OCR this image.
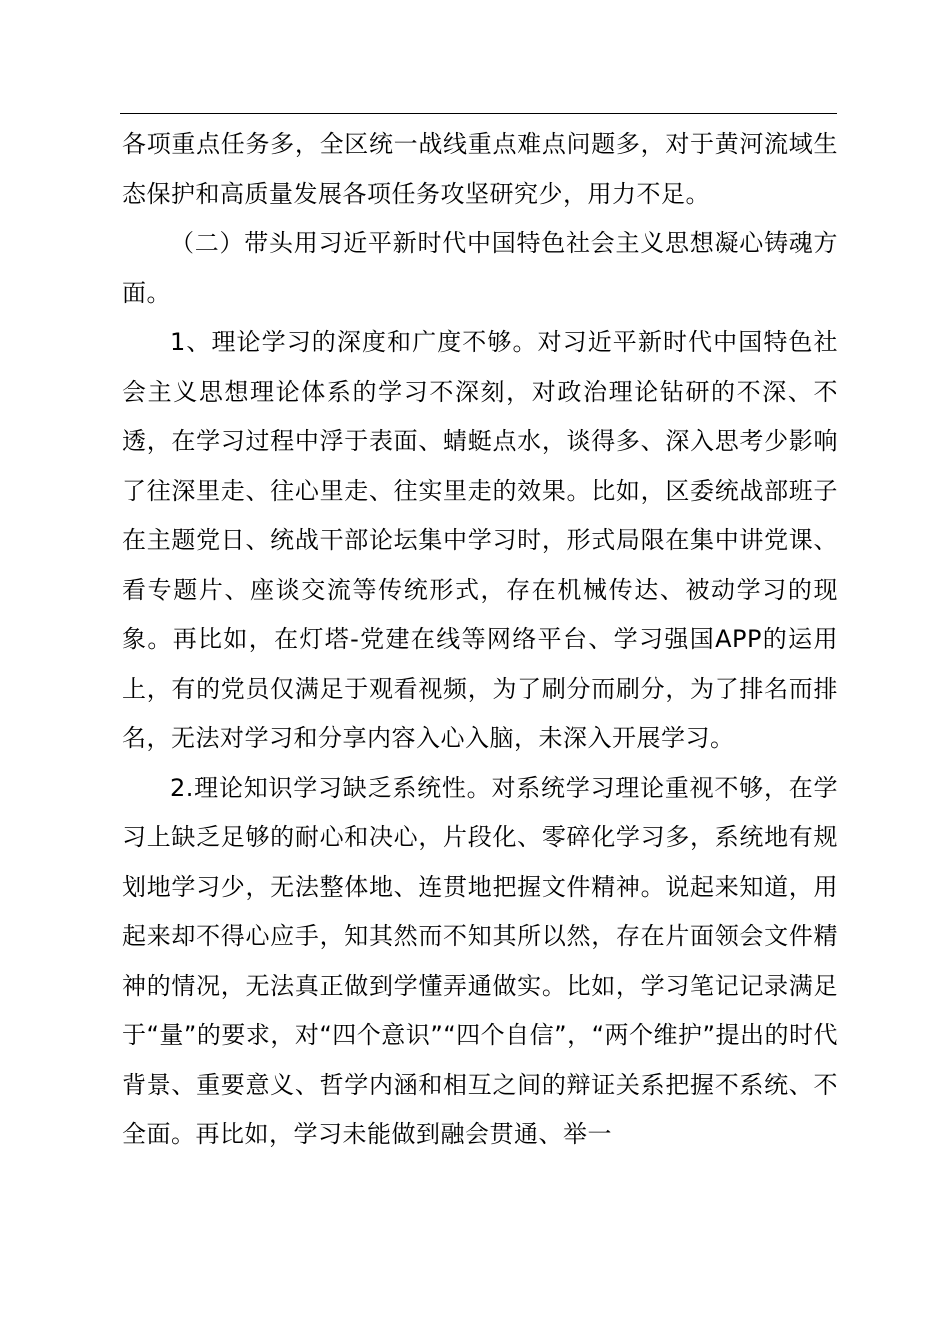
各项重点任务多，全区统一战线重点难点问题多，对于黄河流域生态保护和高质量发展各项任务攻坚研究少，用力不足。

（二）带头用习近平新时代中国特色社会主义思想凝心铸魂方面。

1、理论学习的深度和广度不够。对习近平新时代中国特色社会主义思想理论体系的学习不深刻，对政治理论钻研的不深、不透，在学习过程中浮于表面、蜻蜓点水，谈得多、深入思考少影响了往深里走、往心里走、往实里走的效果。比如，区委统战部班子在主题党日、统战干部论坛集中学习时，形式局限在集中讲党课、看专题片、座谈交流等传统形式，存在机械传达、被动学习的现象。再比如，在灯塔-党建在线等网络平台、学习强国APP的运用上，有的党员仅满足于观看视频，为了刷分而刷分，为了排名而排名，无法对学习和分享内容入心入脑，未深入开展学习。

2.理论知识学习缺乏系统性。对系统学习理论重视不够，在学习上缺乏足够的耐心和决心，片段化、零碎化学习多，系统地有规划地学习少，无法整体地、连贯地把握文件精神。说起来知道，用起来却不得心应手，知其然而不知其所以然，存在片面领会文件精神的情况，无法真正做到学懂弄通做实。比如，学习笔记记录满足于“量”的要求，对“四个意识”“四个自信”，“两个维护”提出的时代背景、重要意义、哲学内涵和相互之间的辩证关系把握不系统、不全面。再比如，学习未能做到融会贯通、举一
